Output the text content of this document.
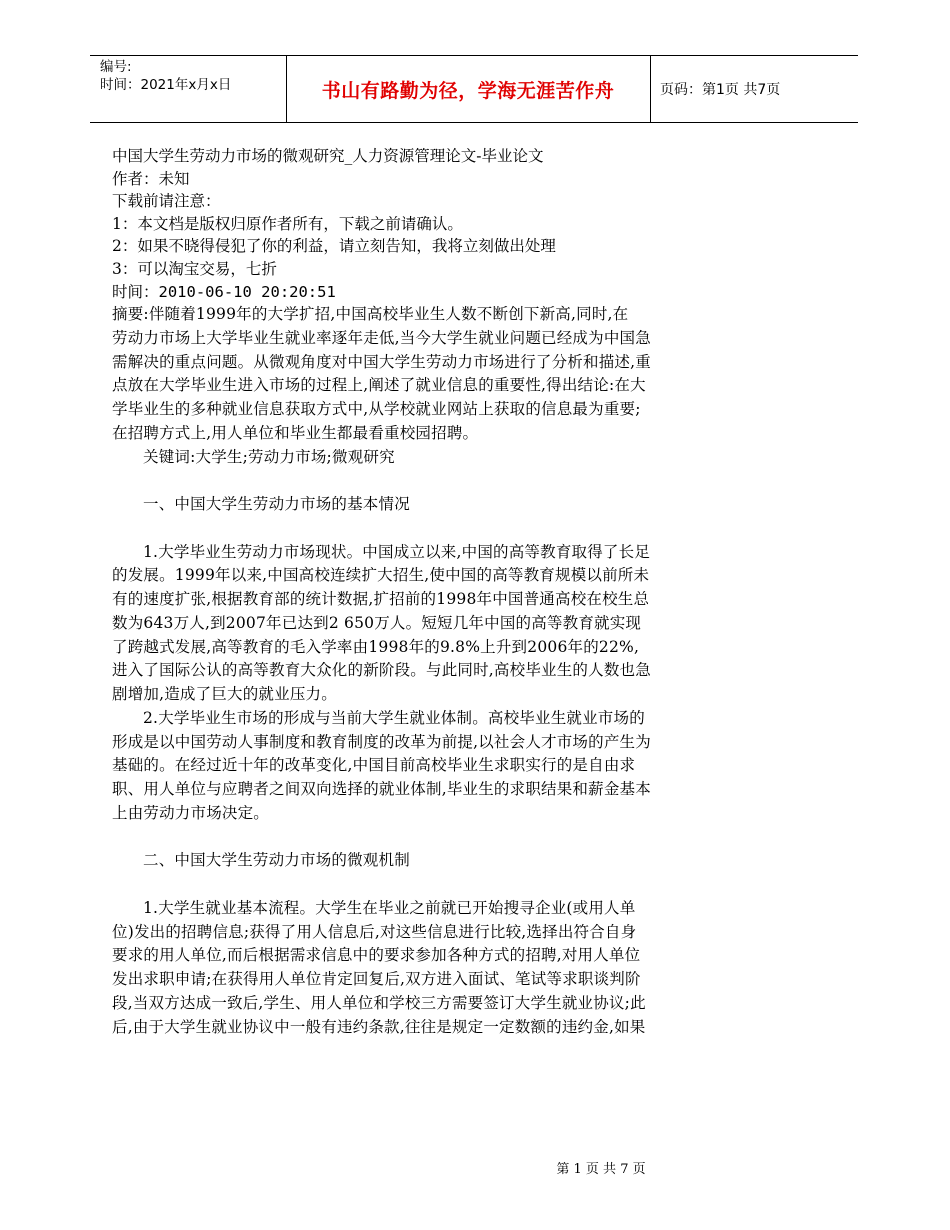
编号:
时间：2021年x月x日	书山有路勤为径，学海无涯苦作舟	页码：第1页 共7页
中国大学生劳动力市场的微观研究_人力资源管理论文-毕业论文
作者：未知
下载前请注意：
1：本文档是版权归原作者所有，下载之前请确认。
2：如果不晓得侵犯了你的利益，请立刻告知，我将立刻做出处理
3：可以淘宝交易，七折
时间：2010-06-10 20:20:51
摘要:伴随着1999年的大学扩招,中国高校毕业生人数不断创下新高,同时,在
劳动力市场上大学毕业生就业率逐年走低,当今大学生就业问题已经成为中国急
需解决的重点问题。从微观角度对中国大学生劳动力市场进行了分析和描述,重
点放在大学毕业生进入市场的过程上,阐述了就业信息的重要性,得出结论:在大
学毕业生的多种就业信息获取方式中,从学校就业网站上获取的信息最为重要;
在招聘方式上,用人单位和毕业生都最看重校园招聘。
关键词:大学生;劳动力市场;微观研究
一、中国大学生劳动力市场的基本情况
1.大学毕业生劳动力市场现状。中国成立以来,中国的高等教育取得了长足
的发展。1999年以来,中国高校连续扩大招生,使中国的高等教育规模以前所未
有的速度扩张,根据教育部的统计数据,扩招前的1998年中国普通高校在校生总
数为643万人,到2007年已达到2 650万人。短短几年中国的高等教育就实现
了跨越式发展,高等教育的毛入学率由1998年的9.8%上升到2006年的22%,
进入了国际公认的高等教育大众化的新阶段。与此同时,高校毕业生的人数也急
剧增加,造成了巨大的就业压力。
2.大学毕业生市场的形成与当前大学生就业体制。高校毕业生就业市场的
形成是以中国劳动人事制度和教育制度的改革为前提,以社会人才市场的产生为
基础的。在经过近十年的改革变化,中国目前高校毕业生求职实行的是自由求
职、用人单位与应聘者之间双向选择的就业体制,毕业生的求职结果和薪金基本
上由劳动力市场决定。
二、中国大学生劳动力市场的微观机制
1.大学生就业基本流程。大学生在毕业之前就已开始搜寻企业(或用人单
位)发出的招聘信息;获得了用人信息后,对这些信息进行比较,选择出符合自身
要求的用人单位,而后根据需求信息中的要求参加各种方式的招聘,对用人单位
发出求职申请;在获得用人单位肯定回复后,双方进入面试、笔试等求职谈判阶
段,当双方达成一致后,学生、用人单位和学校三方需要签订大学生就业协议;此
后,由于大学生就业协议中一般有违约条款,往往是规定一定数额的违约金,如果
第 1 页 共 7 页
